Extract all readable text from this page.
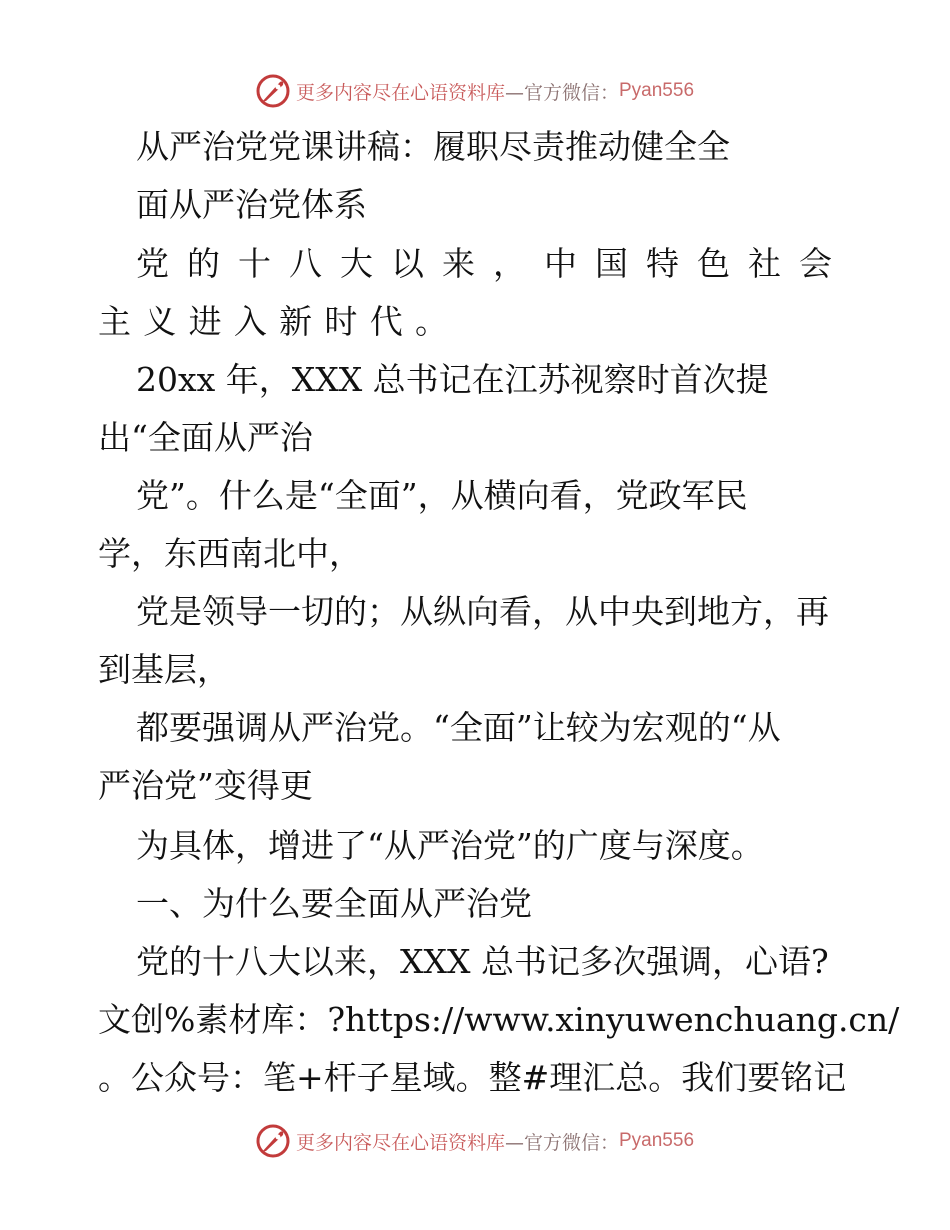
更多内容尽在心语资料库 —官方微信： Pyan556
从严治党党课讲稿：履职尽责推动健全全
面从严治党体系
党 的 十 八 大 以 来 ， 中 国 特 色 社 会
主 义 进 入 新 时 代 。
20xx 年，XXX 总书记在江苏视察时首次提
出“全面从严治
党”。什么是“全面”，从横向看，党政军民
学，东西南北中，
党是领导一切的；从纵向看，从中央到地方，再
到基层，
都要强调从严治党。“全面”让较为宏观的“从
严治党”变得更
为具体，增进了“从严治党”的广度与深度。
一、为什么要全面从严治党
党的十八大以来，XXX 总书记多次强调，心语?
文创%素材库：?https://www.xinyuwenchuang.cn/
。公众号：笔+杆子星域。整#理汇总。我们要铭记
更多内容尽在心语资料库 —官方微信： Pyan556
